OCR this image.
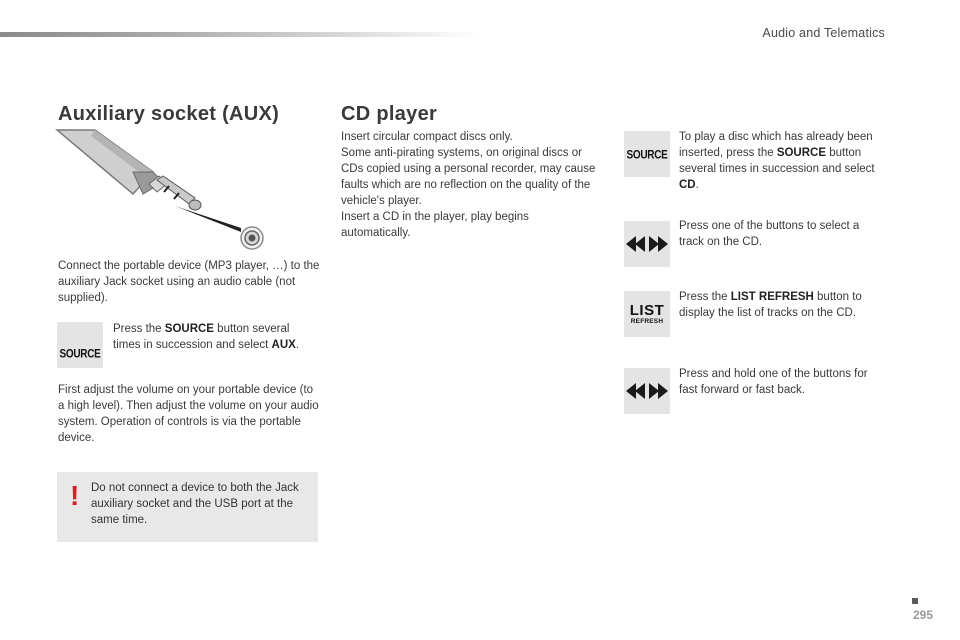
Audio and Telematics
Auxiliary socket (AUX)

Connect the portable device (MP3 player, …) to the auxiliary Jack socket using an audio cable (not supplied).

SOURCE

Press the SOURCE button several times in succession and select AUX.

First adjust the volume on your portable device (to a high level). Then adjust the volume on your audio system. Operation of controls is via the portable device.

! Do not connect a device to both the Jack auxiliary socket and the USB port at the same time.
CD player

Insert circular compact discs only.
Some anti-pirating systems, on original discs or CDs copied using a personal recorder, may cause faults which are no reflection on the quality of the vehicle's player.
Insert a CD in the player, play begins automatically.

SOURCE

To play a disc which has already been inserted, press the SOURCE button several times in succession and select CD.

Press one of the buttons to select a track on the CD.

LIST
REFRESH

Press the LIST REFRESH button to display the list of tracks on the CD.

Press and hold one of the buttons for fast forward or fast back.

295
